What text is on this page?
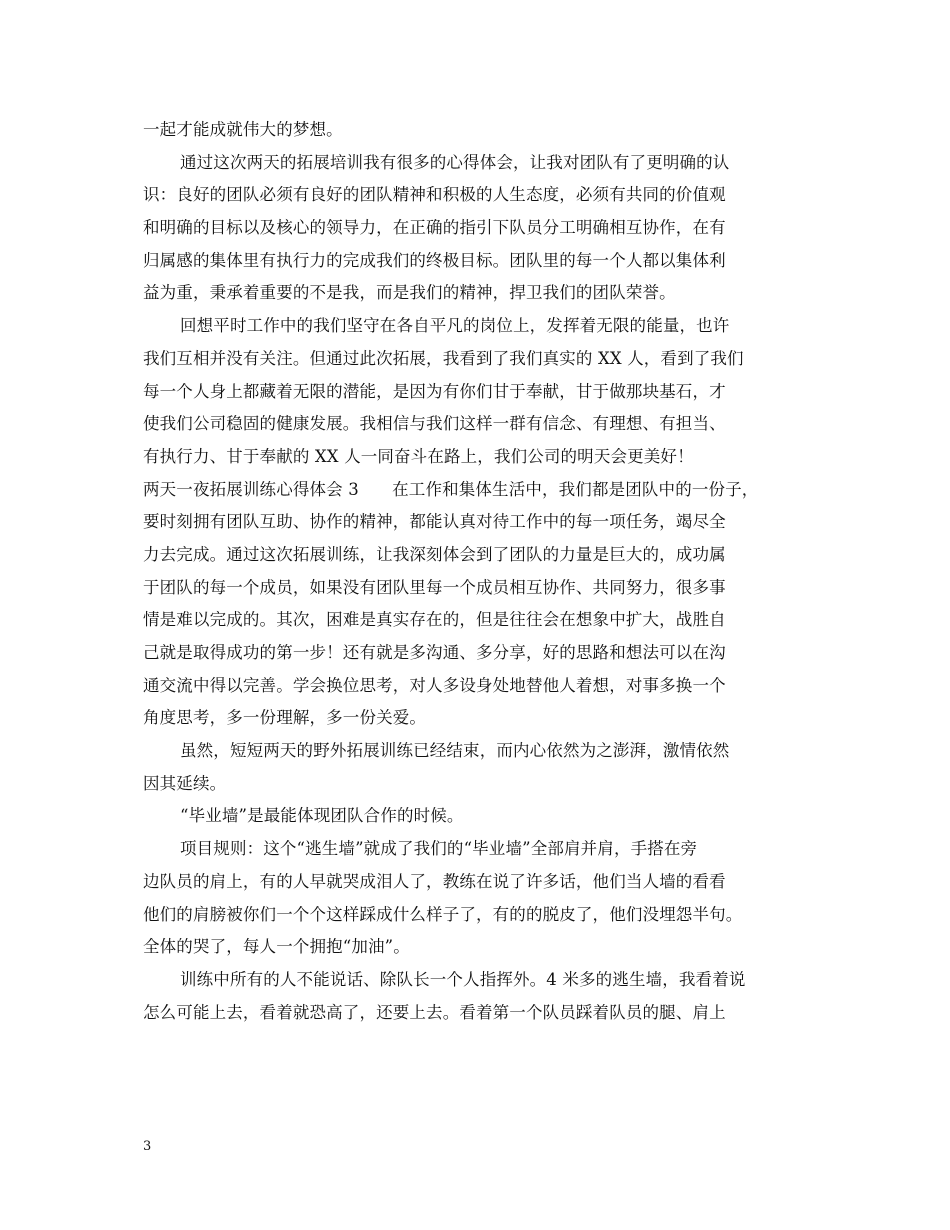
一起才能成就伟大的梦想。
通过这次两天的拓展培训我有很多的心得体会，让我对团队有了更明确的认
识：良好的团队必须有良好的团队精神和积极的人生态度，必须有共同的价值观
和明确的目标以及核心的领导力，在正确的指引下队员分工明确相互协作，在有
归属感的集体里有执行力的完成我们的终极目标。团队里的每一个人都以集体利
益为重，秉承着重要的不是我，而是我们的精神，捍卫我们的团队荣誉。
回想平时工作中的我们坚守在各自平凡的岗位上，发挥着无限的能量，也许
我们互相并没有关注。但通过此次拓展，我看到了我们真实的 XX 人，看到了我们
每一个人身上都藏着无限的潜能，是因为有你们甘于奉献，甘于做那块基石，才
使我们公司稳固的健康发展。我相信与我们这样一群有信念、有理想、有担当、
有执行力、甘于奉献的 XX 人一同奋斗在路上，我们公司的明天会更美好！
两天一夜拓展训练心得体会 3　　在工作和集体生活中，我们都是团队中的一份子，
要时刻拥有团队互助、协作的精神，都能认真对待工作中的每一项任务，竭尽全
力去完成。通过这次拓展训练，让我深刻体会到了团队的力量是巨大的，成功属
于团队的每一个成员，如果没有团队里每一个成员相互协作、共同努力，很多事
情是难以完成的。其次，困难是真实存在的，但是往往会在想象中扩大，战胜自
己就是取得成功的第一步！还有就是多沟通、多分享，好的思路和想法可以在沟
通交流中得以完善。学会换位思考，对人多设身处地替他人着想，对事多换一个
角度思考，多一份理解，多一份关爱。
虽然，短短两天的野外拓展训练已经结束，而内心依然为之澎湃，激情依然
因其延续。
“毕业墙”是最能体现团队合作的时候。
项目规则：这个“逃生墙”就成了我们的“毕业墙”全部肩并肩，手搭在旁
边队员的肩上，有的人早就哭成泪人了，教练在说了许多话，他们当人墙的看看
他们的肩膀被你们一个个这样踩成什么样子了，有的的脱皮了，他们没埋怨半句。
全体的哭了，每人一个拥抱“加油”。
训练中所有的人不能说话、除队长一个人指挥外。4 米多的逃生墙，我看着说
怎么可能上去，看着就恐高了，还要上去。看着第一个队员踩着队员的腿、肩上
3
